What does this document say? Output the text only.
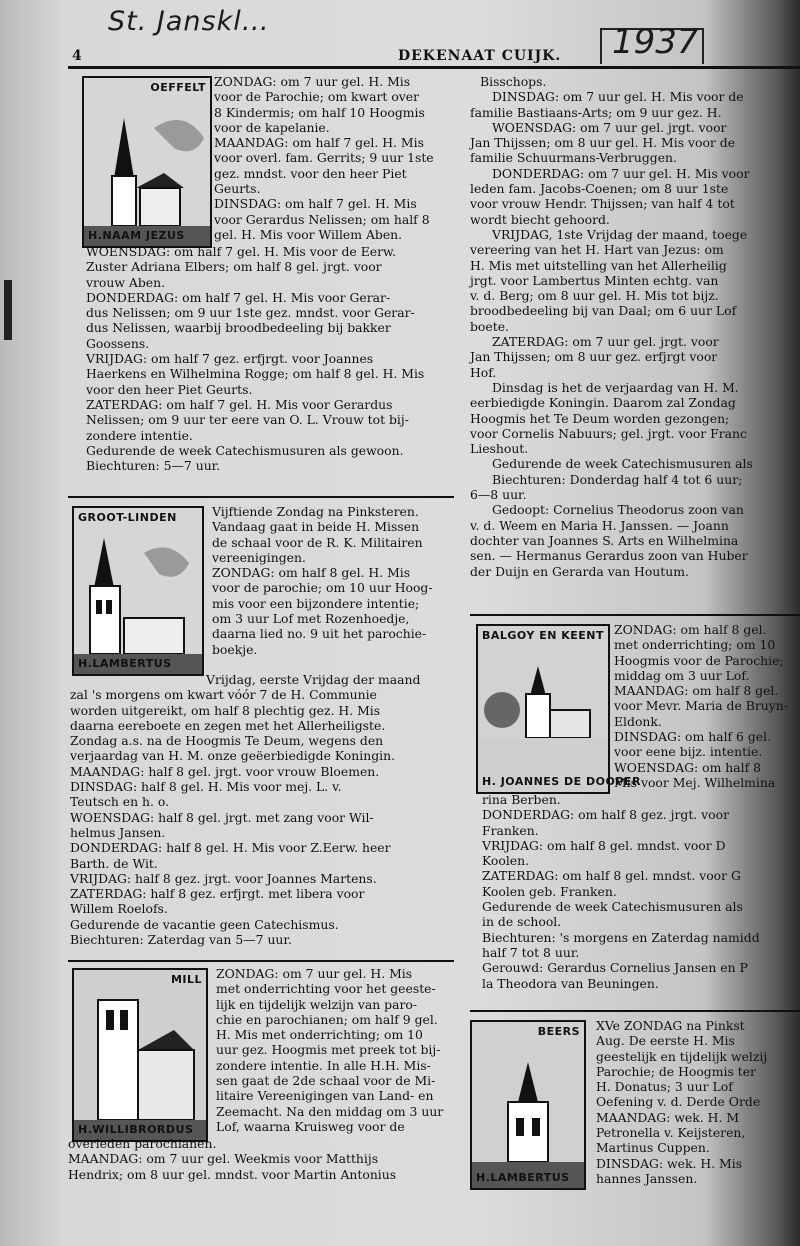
St. Janskl…
1937
4	DEKENAAT CUIJK.
OEFFELT
H.NAAM JEZUS

ZONDAG: om 7 uur gel. H. Mis

voor de Parochie; om kwart over

8 Kindermis; om half 10 Hoogmis

voor de kapelanie.

MAANDAG: om half 7 gel. H. Mis

voor overl. fam. Gerrits; 9 uur 1ste

gez. mndst. voor den heer Piet

Geurts.

DINSDAG: om half 7 gel. H. Mis

voor Gerardus Nelissen; om half 8

gel. H. Mis voor Willem Aben.

WOENSDAG: om half 7 gel. H. Mis voor de Eerw.

Zuster Adriana Elbers; om half 8 gel. jrgt. voor

vrouw Aben.

DONDERDAG: om half 7 gel. H. Mis voor Gerar-

dus Nelissen; om 9 uur 1ste gez. mndst. voor Gerar-

dus Nelissen, waarbij broodbedeeling bij bakker

Goossens.

VRIJDAG: om half 7 gez. erfjrgt. voor Joannes

Haerkens en Wilhelmina Rogge; om half 8 gel. H. Mis

voor den heer Piet Geurts.

ZATERDAG: om half 7 gel. H. Mis voor Gerardus

Nelissen; om 9 uur ter eere van O. L. Vrouw tot bij-

zondere intentie.

Gedurende de week Catechismusuren als gewoon.

Biechturen: 5—7 uur.

GROOT-LINDEN
H.LAMBERTUS

Vijftiende Zondag na Pinksteren.

Vandaag gaat in beide H. Missen

de schaal voor de R. K. Militairen

vereenigingen.

ZONDAG: om half 8 gel. H. Mis

voor de parochie; om 10 uur Hoog-

mis voor een bijzondere intentie;

om 3 uur Lof met Rozenhoedje,

daarna lied no. 9 uit het parochie-

boekje.

Vrijdag, eerste Vrijdag der maand

zal 's morgens om kwart vóór 7 de H. Communie

worden uitgereikt, om half 8 plechtig gez. H. Mis

daarna eereboete en zegen met het Allerheiligste.

Zondag a.s. na de Hoogmis Te Deum, wegens den

verjaardag van H. M. onze geëerbiedigde Koningin.

MAANDAG: half 8 gel. jrgt. voor vrouw Bloemen.

DINSDAG: half 8 gel. H. Mis voor mej. L. v.

Teutsch en h. o.

WOENSDAG: half 8 gel. jrgt. met zang voor Wil-

helmus Jansen.

DONDERDAG: half 8 gel. H. Mis voor Z.Eerw. heer

Barth. de Wit.

VRIJDAG: half 8 gez. jrgt. voor Joannes Martens.

ZATERDAG: half 8 gez. erfjrgt. met libera voor

Willem Roelofs.

Gedurende de vacantie geen Catechismus.

Biechturen: Zaterdag van 5—7 uur.

MILL
H.WILLIBRORDUS

ZONDAG: om 7 uur gel. H. Mis

met onderrichting voor het geeste-

lijk en tijdelijk welzijn van paro-

chie en parochianen; om half 9 gel.

H. Mis met onderrichting; om 10

uur gez. Hoogmis met preek tot bij-

zondere intentie. In alle H.H. Mis-

sen gaat de 2de schaal voor de Mi-

litaire Vereenigingen van Land- en

Zeemacht. Na den middag om 3 uur

Lof, waarna Kruisweg voor de

overleden parochianen.

MAANDAG: om 7 uur gel. Weekmis voor Matthijs

Hendrix; om 8 uur gel. mndst. voor Martin Antonius

Bisschops.

DINSDAG: om 7 uur gel. H. Mis voor de

familie Bastiaans-Arts; om 9 uur gez. H.

WOENSDAG: om 7 uur gel. jrgt. voor

Jan Thijssen; om 8 uur gel. H. Mis voor de

familie Schuurmans-Verbruggen.

DONDERDAG: om 7 uur gel. H. Mis voor

leden fam. Jacobs-Coenen; om 8 uur 1ste

voor vrouw Hendr. Thijssen; van half 4 tot

wordt biecht gehoord.

VRIJDAG, 1ste Vrijdag der maand, toege

vereering van het H. Hart van Jezus: om

H. Mis met uitstelling van het Allerheilig

jrgt. voor Lambertus Minten echtg. van

v. d. Berg; om 8 uur gel. H. Mis tot bijz.

broodbedeeling bij van Daal; om 6 uur Lof

boete.

ZATERDAG: om 7 uur gel. jrgt. voor

Jan Thijssen; om 8 uur gez. erfjrgt voor

Hof.

Dinsdag is het de verjaardag van H. M.

eerbiedigde Koningin. Daarom zal Zondag

Hoogmis het Te Deum worden gezongen;

voor Cornelis Nabuurs; gel. jrgt. voor Franc

Lieshout.

Gedurende de week Catechismusuren als

Biechturen: Donderdag half 4 tot 6 uur;

6—8 uur.

Gedoopt: Cornelius Theodorus zoon van

v. d. Weem en Maria H. Janssen. — Joann

dochter van Joannes S. Arts en Wilhelmina

sen. — Hermanus Gerardus zoon van Huber

der Duijn en Gerarda van Houtum.

BALGOY EN KEENT
H. JOANNES DE DOOPER

ZONDAG: om half 8 gel.

met onderrichting; om 10

Hoogmis voor de Parochie;

middag om 3 uur Lof.

MAANDAG: om half 8 gel.

voor Mevr. Maria de Bruyn-

Eldonk.

DINSDAG: om half 6 gel.

voor eene bijz. intentie.

WOENSDAG: om half 8

Mis voor Mej. Wilhelmina

rina Berben.

DONDERDAG: om half 8 gez. jrgt. voor

Franken.

VRIJDAG: om half 8 gel. mndst. voor D

Koolen.

ZATERDAG: om half 8 gel. mndst. voor G

Koolen geb. Franken.

Gedurende de week Catechismusuren als

in de school.

Biechturen: 's morgens en Zaterdag namidd

half 7 tot 8 uur.

Gerouwd: Gerardus Cornelius Jansen en P

la Theodora van Beuningen.

BEERS
H.LAMBERTUS

XVe ZONDAG na Pinkst

Aug. De eerste H. Mis

geestelijk en tijdelijk welzij

Parochie; de Hoogmis ter

H. Donatus; 3 uur Lof

Oefening v. d. Derde Orde

MAANDAG: wek. H. M

Petronella v. Keijsteren,

Martinus Cuppen.

DINSDAG: wek. H. Mis

hannes Janssen.
